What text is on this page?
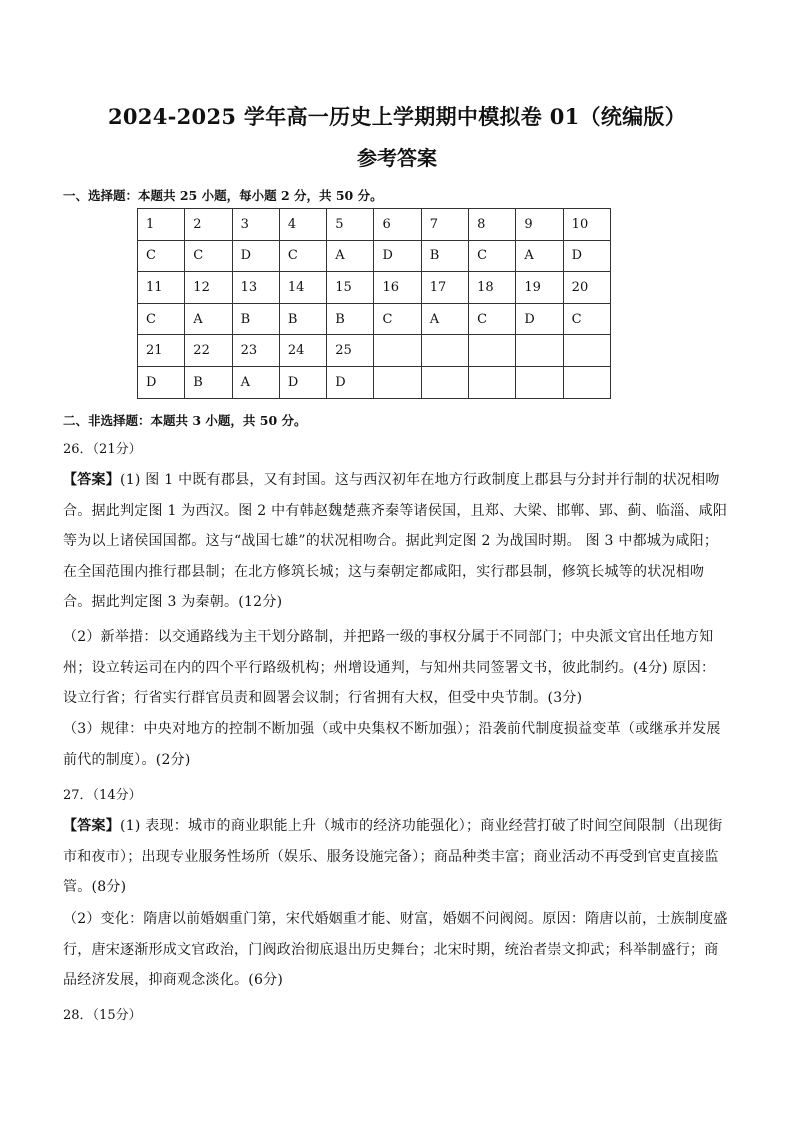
2024-2025 学年高一历史上学期期中模拟卷 01（统编版）
参考答案
一、选择题：本题共 25 小题，每小题 2 分，共 50 分。
1	2	3	4	5	6	7	8	9	10
C	C	D	C	A	D	B	C	A	D
11	12	13	14	15	16	17	18	19	20
C	A	B	B	B	C	A	C	D	C
21	22	23	24	25					
D	B	A	D	D					
二、非选择题：本题共 3 小题，共 50 分。
26．（21分）
【答案】(1) 图 1 中既有郡县，又有封国。这与西汉初年在地方行政制度上郡县与分封并行制的状况相吻合。据此判定图 1 为西汉。图 2 中有韩赵魏楚燕齐秦等诸侯国，且郑、大梁、邯郸、郢、蓟、临淄、咸阳等为以上诸侯国国都。这与“战国七雄”的状况相吻合。据此判定图 2 为战国时期。 图 3 中都城为咸阳；在全国范围内推行郡县制；在北方修筑长城；这与秦朝定都咸阳，实行郡县制，修筑长城等的状况相吻合。据此判定图 3 为秦朝。(12分)
（2）新举措：以交通路线为主干划分路制，并把路一级的事权分属于不同部门；中央派文官出任地方知州；设立转运司在内的四个平行路级机构；州增设通判，与知州共同签署文书，彼此制约。(4分) 原因：设立行省；行省实行群官员责和圆署会议制；行省拥有大权，但受中央节制。(3分)
（3）规律：中央对地方的控制不断加强（或中央集权不断加强）；沿袭前代制度损益变革（或继承并发展前代的制度）。(2分)
27．（14分）
【答案】(1) 表现：城市的商业职能上升（城市的经济功能强化）；商业经营打破了时间空间限制（出现街市和夜市）；出现专业服务性场所（娱乐、服务设施完备）；商品种类丰富；商业活动不再受到官吏直接监管。(8分)
（2）变化：隋唐以前婚姻重门第，宋代婚姻重才能、财富，婚姻不问阀阅。原因：隋唐以前，士族制度盛行，唐宋逐渐形成文官政治，门阀政治彻底退出历史舞台；北宋时期，统治者崇文抑武；科举制盛行；商品经济发展，抑商观念淡化。(6分)
28．（15分）
